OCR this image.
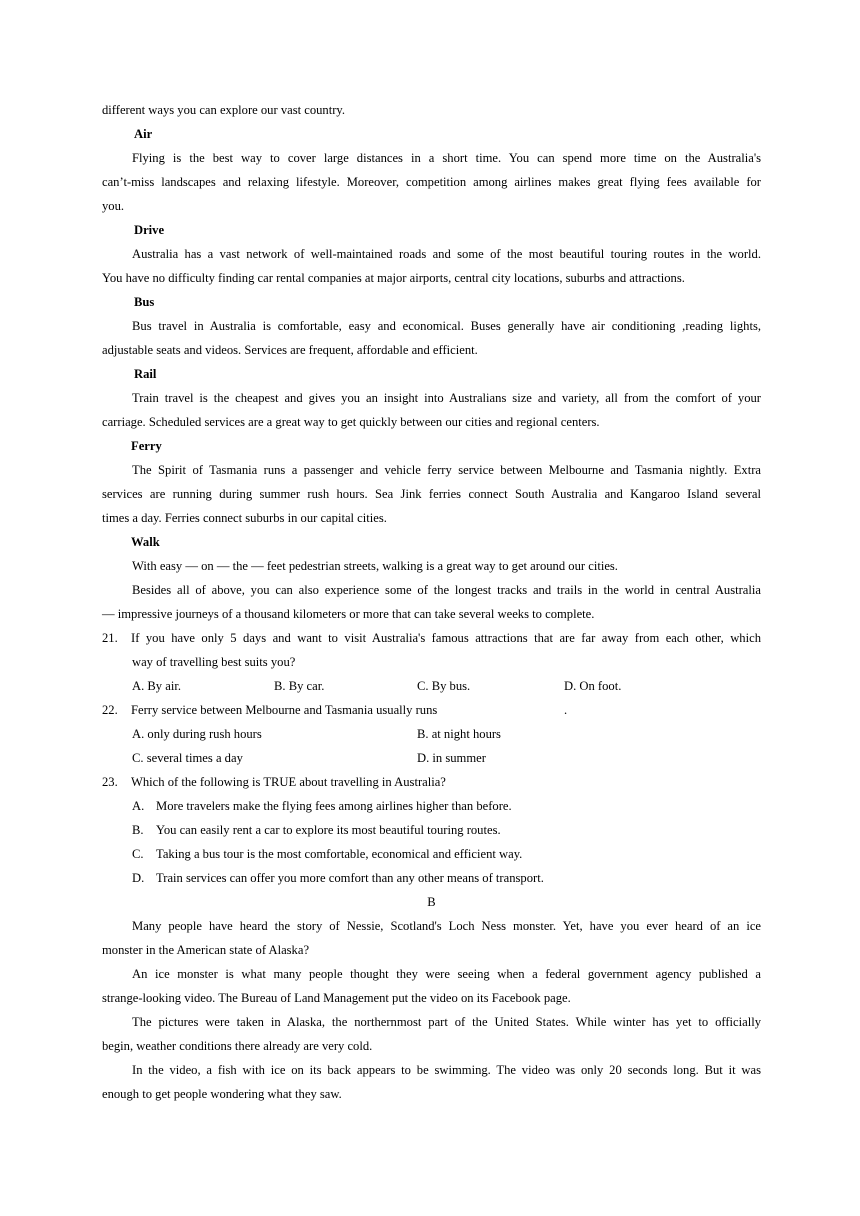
different ways you can explore our vast country.
Air
Flying is the best way to cover large distances in a short time. You can spend more time on the Australia's
can’t-miss landscapes and relaxing lifestyle. Moreover, competition among airlines makes great flying fees available for
you.
Drive
Australia has a vast network of well-maintained roads and some of the most beautiful touring routes in the world.
You have no difficulty finding car rental companies at major airports, central city locations, suburbs and attractions.
Bus
Bus travel in Australia is comfortable, easy and economical. Buses generally have air conditioning ,reading lights,
adjustable seats and videos. Services are frequent, affordable and efficient.
Rail
Train travel is the cheapest and gives you an insight into Australians size and variety, all from the comfort of your
carriage. Scheduled services are a great way to get quickly between our cities and regional centers.
Ferry
The Spirit of Tasmania runs a passenger and vehicle ferry service between Melbourne and Tasmania nightly. Extra
services are running during summer rush hours. Sea Jink ferries connect South Australia and Kangaroo Island several
times a day. Ferries connect suburbs in our capital cities.
Walk
With easy — on — the — feet pedestrian streets, walking is a great way to get around our cities.
Besides all of above, you can also experience some of the longest tracks and trails in the world in central Australia
— impressive journeys of a thousand kilometers or more that can take several weeks to complete.
21. If you have only 5 days and want to visit Australia's famous attractions that are far away from each other, which
way of travelling best suits you?
A. By air.	B. By car.	C. By bus.	D. On foot.
22. Ferry service between Melbourne and Tasmania usually runs	.
A. only during rush hours	B. at night hours
C. several times a day	D. in summer
23. Which of the following is TRUE about travelling in Australia?
A. More travelers make the flying fees among airlines higher than before.
B. You can easily rent a car to explore its most beautiful touring routes.
C. Taking a bus tour is the most comfortable, economical and efficient way.
D. Train services can offer you more comfort than any other means of transport.
B
Many people have heard the story of Nessie, Scotland's Loch Ness monster. Yet, have you ever heard of an ice
monster in the American state of Alaska?
An ice monster is what many people thought they were seeing when a federal government agency published a
strange-looking video. The Bureau of Land Management put the video on its Facebook page.
The pictures were taken in Alaska, the northernmost part of the United States. While winter has yet to officially
begin, weather conditions there already are very cold.
In the video, a fish with ice on its back appears to be swimming. The video was only 20 seconds long. But it was
enough to get people wondering what they saw.
